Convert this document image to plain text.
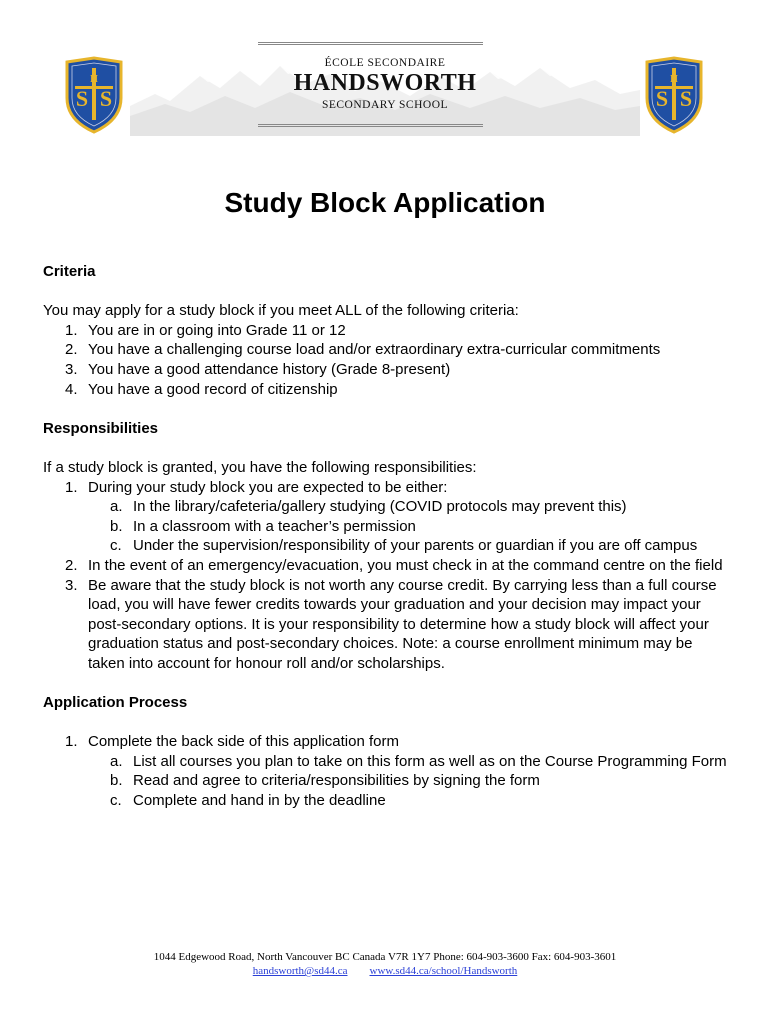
ÉCOLE SECONDAIRE
HANDSWORTH
SECONDARY SCHOOL
S S
H
S S
H
Study Block Application

Criteria

You may apply for a study block if you meet ALL of the following criteria:

1. You are in or going into Grade 11 or 12
2. You have a challenging course load and/or extraordinary extra-curricular commitments
3. You have a good attendance history (Grade 8-present)
4. You have a good record of citizenship

Responsibilities

If a study block is granted, you have the following responsibilities:

1. During your study block you are expected to be either:
a. In the library/cafeteria/gallery studying (COVID protocols may prevent this)
b. In a classroom with a teacher’s permission
c. Under the supervision/responsibility of your parents or guardian if you are off campus
2. In the event of an emergency/evacuation, you must check in at the command centre on the field
3. Be aware that the study block is not worth any course credit. By carrying less than a full course load, you will have fewer credits towards your graduation and your decision may impact your post-secondary options. It is your responsibility to determine how a study block will affect your graduation status and post-secondary choices. Note: a course enrollment minimum may be taken into account for honour roll and/or scholarships.

Application Process

1. Complete the back side of this application form
a. List all courses you plan to take on this form as well as on the Course Programming Form
b. Read and agree to criteria/responsibilities by signing the form
c. Complete and hand in by the deadline
1044 Edgewood Road, North Vancouver BC Canada V7R 1Y7 Phone: 604-903-3600 Fax: 604-903-3601
handsworth@sd44.ca www.sd44.ca/school/Handsworth
